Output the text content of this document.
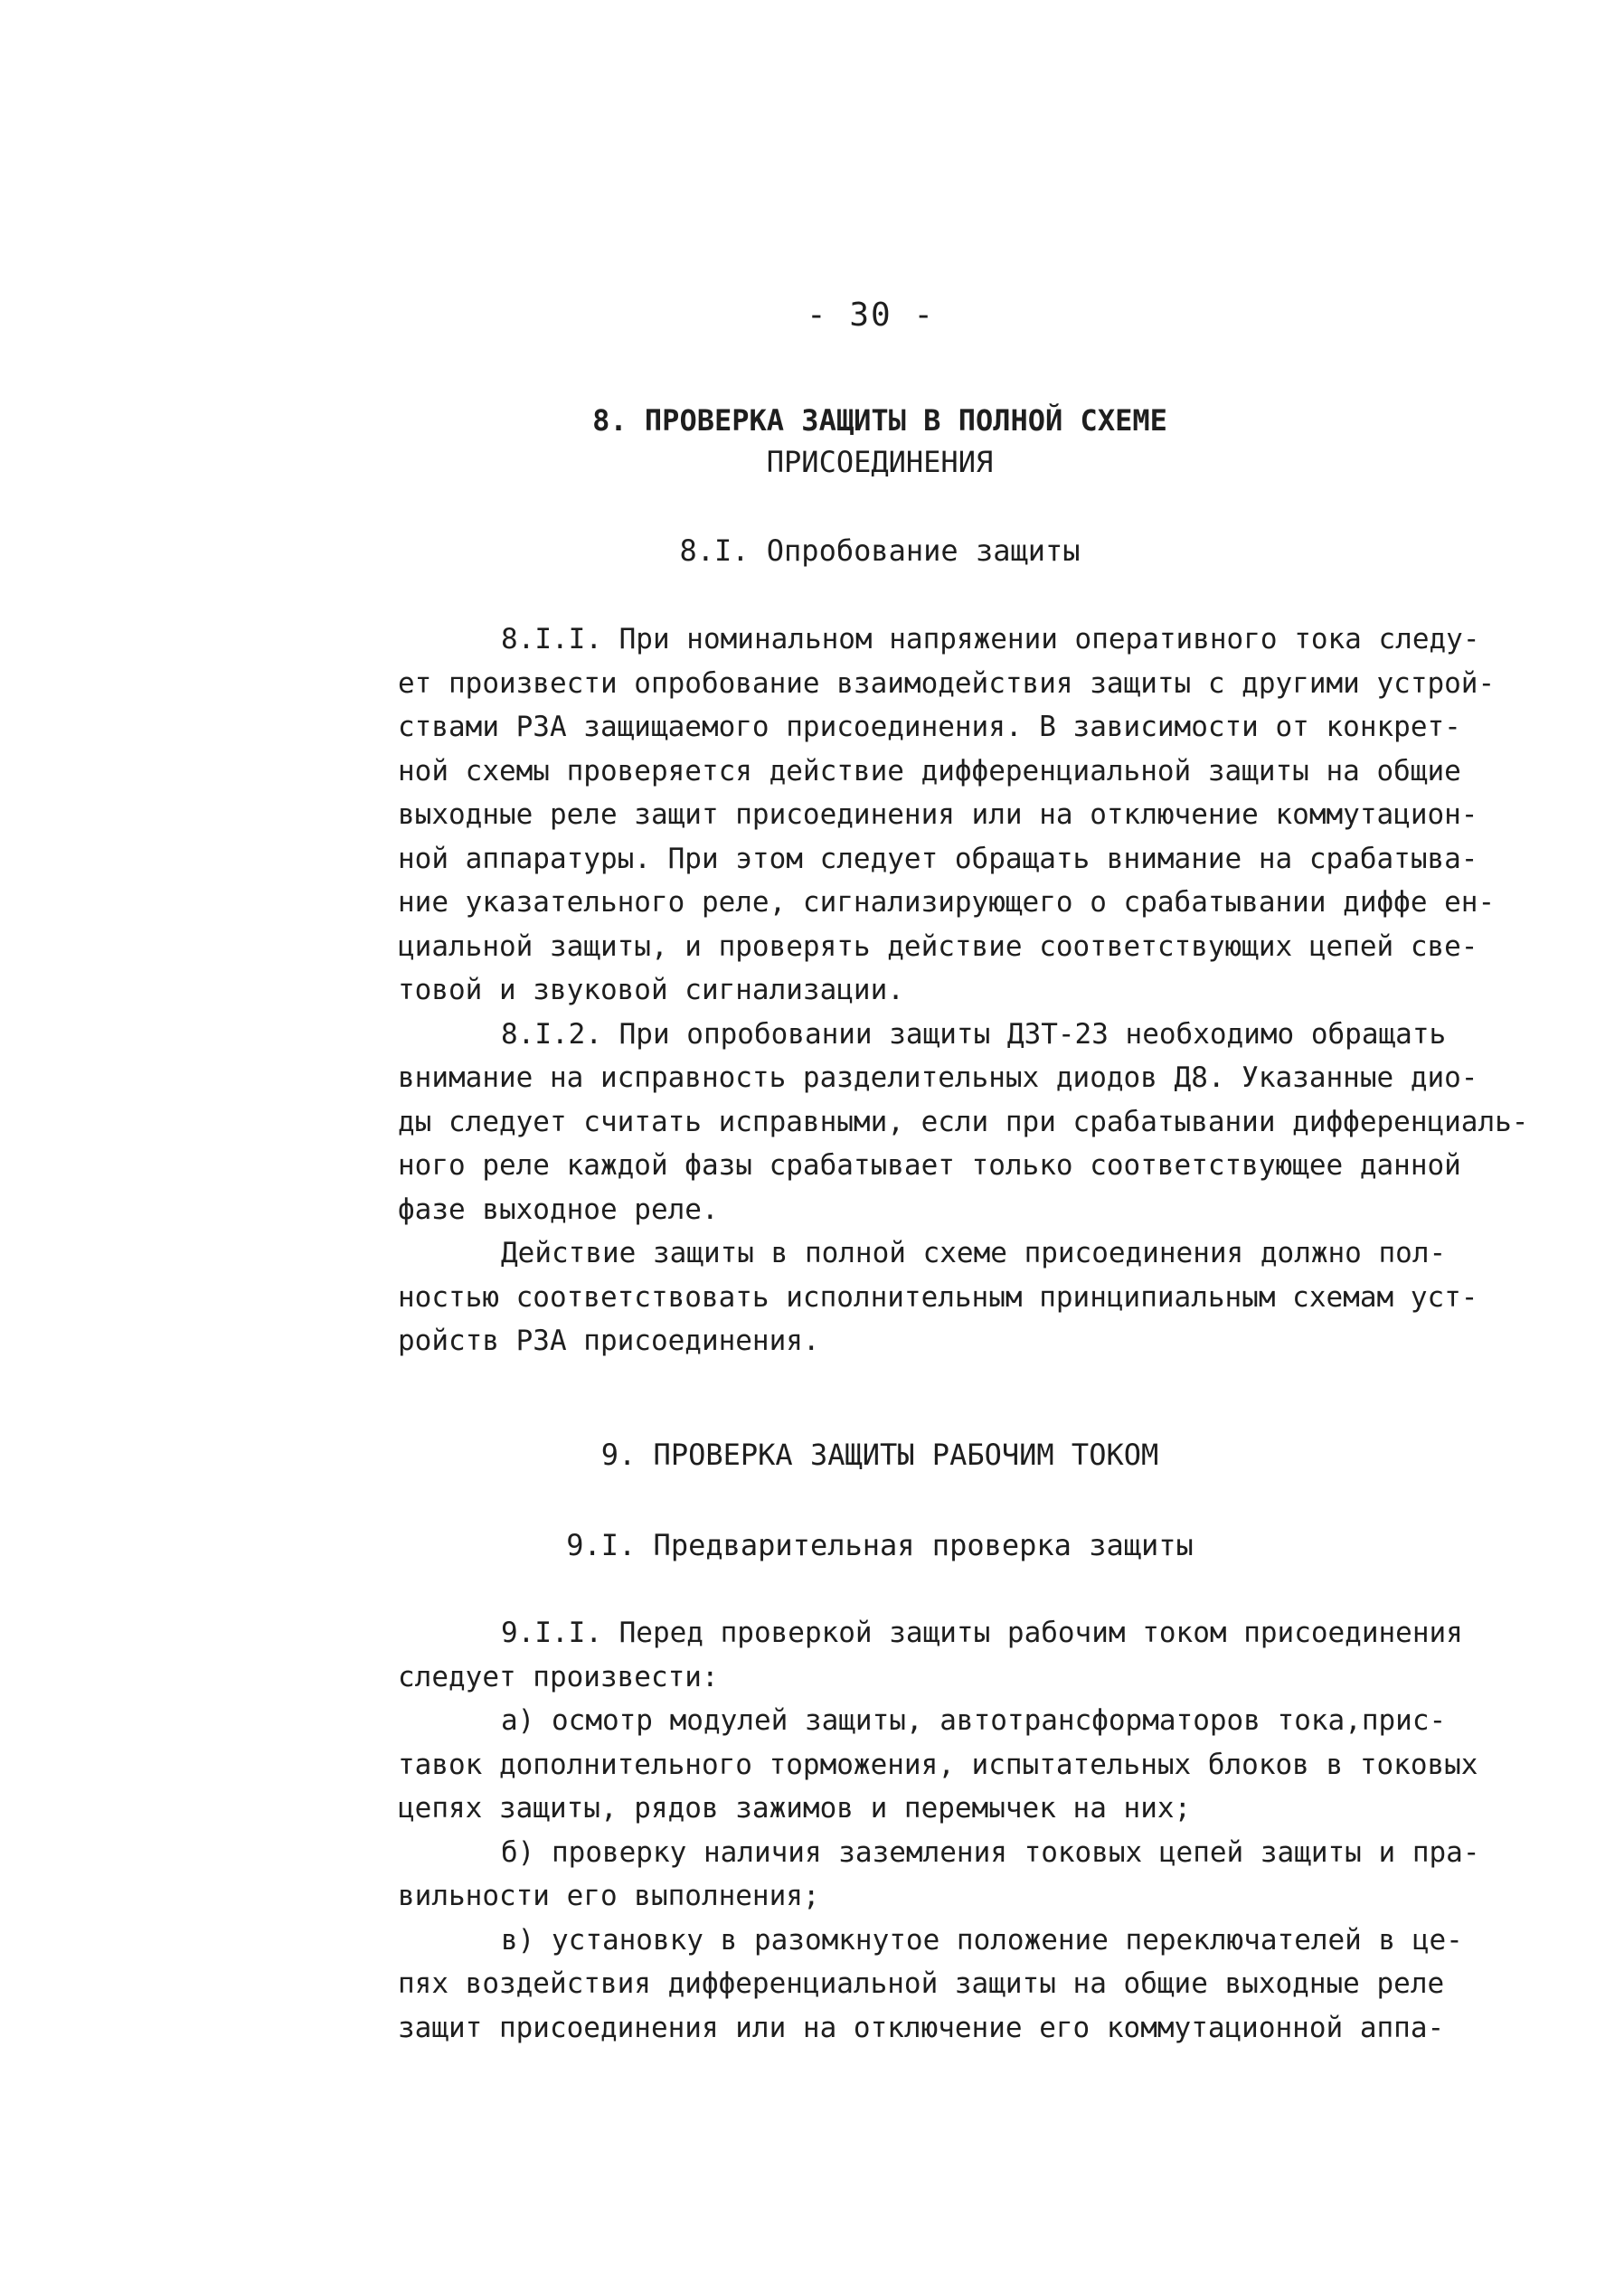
- 30 -
8. ПРОВЕРКА ЗАЩИТЫ В ПОЛНОЙ СХЕМЕ
ПРИСОЕДИНЕНИЯ
8.I. Опробование защиты
8.I.I. При номинальном напряжении оперативного тока следу-
ет произвести опробование взаимодействия защиты с другими устрой-
ствами РЗА защищаемого присоединения. В зависимости от конкрет-
ной схемы проверяется действие дифференциальной защиты на общие
выходные реле защит присоединения или на отключение коммутацион-
ной аппаратуры. При этом следует обращать внимание на срабатыва-
ние указательного реле, сигнализирующего о срабатывании диффе ен-
циальной защиты, и проверять действие соответствующих цепей све-
товой и звуковой сигнализации.
8.I.2. При опробовании защиты ДЗТ-23 необходимо обращать
внимание на исправность разделительных диодов Д8. Указанные дио-
ды следует считать исправными, если при срабатывании дифференциаль-
ного реле каждой фазы срабатывает только соответствующее данной
фазе выходное реле.
Действие защиты в полной схеме присоединения должно пол-
ностью соответствовать исполнительным принципиальным схемам уст-
ройств РЗА присоединения.
9. ПРОВЕРКА ЗАЩИТЫ РАБОЧИМ ТОКОМ
9.I. Предварительная проверка защиты
9.I.I. Перед проверкой защиты рабочим током присоединения
следует произвести:
а) осмотр модулей защиты, автотрансформаторов тока,прис-
тавок дополнительного торможения, испытательных блоков в токовых
цепях защиты, рядов зажимов и перемычек на них;
б) проверку наличия заземления токовых цепей защиты и пра-
вильности его выполнения;
в) установку в разомкнутое положение переключателей в це-
пях воздействия дифференциальной защиты на общие выходные реле
защит присоединения или на отключение его коммутационной аппа-
